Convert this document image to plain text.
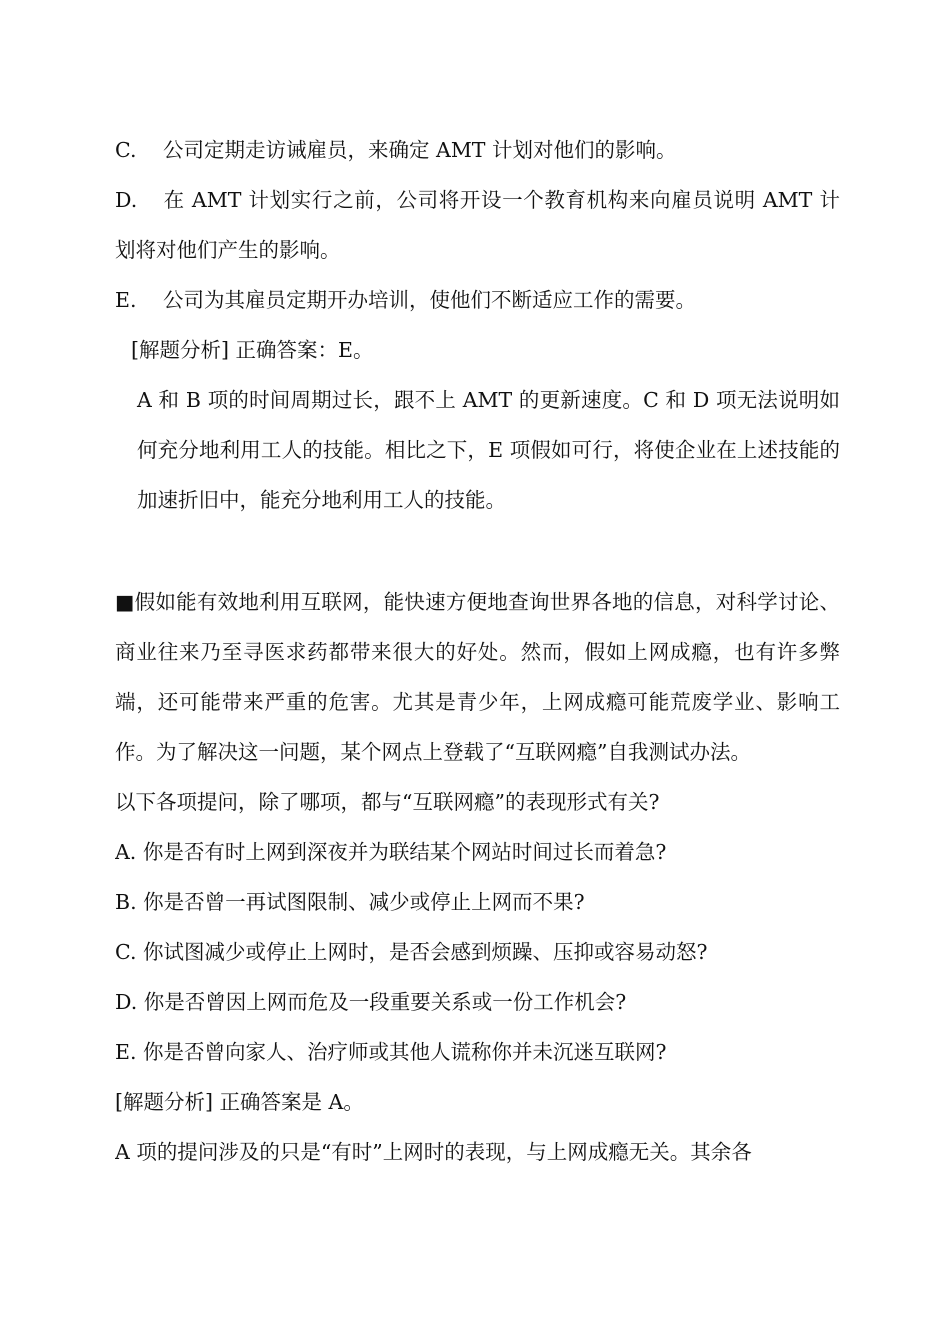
C. 公司定期走访诫雇员，来确定 AMT 计划对他们的影响。
D. 在 AMT 计划实行之前，公司将开设一个教育机构来向雇员说明 AMT 计划将对他们产生的影响。
E. 公司为其雇员定期开办培训，使他们不断适应工作的需要。
[解题分析] 正确答案：E。
A 和 B 项的时间周期过长，跟不上 AMT 的更新速度。C 和 D 项无法说明如何充分地利用工人的技能。相比之下，E 项假如可行，将使企业在上述技能的加速折旧中，能充分地利用工人的技能。
■假如能有效地利用互联网，能快速方便地查询世界各地的信息，对科学讨论、商业往来乃至寻医求药都带来很大的好处。然而，假如上网成瘾，也有许多弊端，还可能带来严重的危害。尤其是青少年，上网成瘾可能荒废学业、影响工作。为了解决这一问题，某个网点上登载了“互联网瘾”自我测试办法。
以下各项提问，除了哪项，都与“互联网瘾”的表现形式有关?
A. 你是否有时上网到深夜并为联结某个网站时间过长而着急?
B. 你是否曾一再试图限制、减少或停止上网而不果?
C. 你试图减少或停止上网时，是否会感到烦躁、压抑或容易动怒?
D. 你是否曾因上网而危及一段重要关系或一份工作机会?
E. 你是否曾向家人、治疗师或其他人谎称你并未沉迷互联网?
[解题分析] 正确答案是 A。
A 项的提问涉及的只是“有时”上网时的表现，与上网成瘾无关。其余各
